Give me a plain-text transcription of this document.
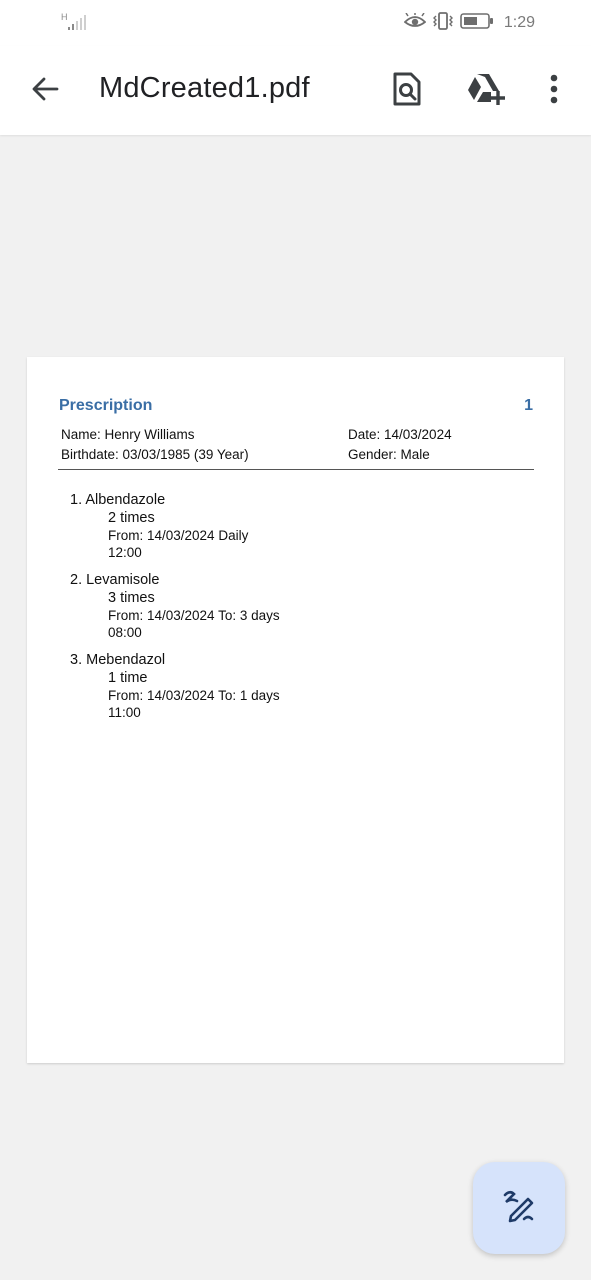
H	1:29
MdCreated1.pdf
Prescription	1
Name: Henry Williams
Birthdate: 03/03/1985 (39 Year)
Date: 14/03/2024
Gender: Male
1. Albendazole
2 times
From: 14/03/2024 Daily
12:00
2. Levamisole
3 times
From: 14/03/2024 To: 3 days
08:00
3. Mebendazol
1 time
From: 14/03/2024 To: 1 days
11:00
